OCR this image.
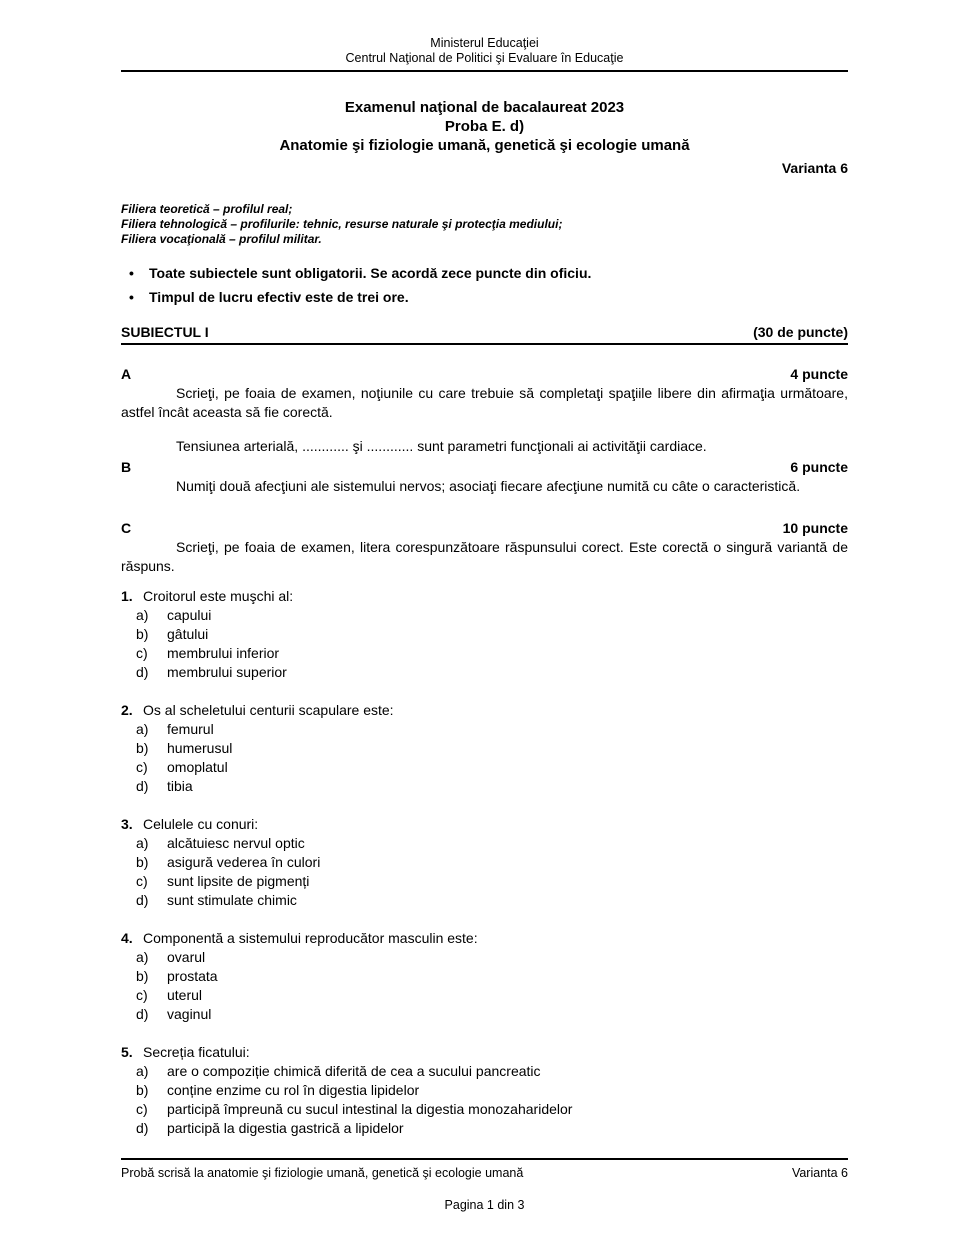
Ministerul Educaţiei
Centrul Naţional de Politici şi Evaluare în Educaţie
Examenul naţional de bacalaureat 2023
Proba E. d)
Anatomie şi fiziologie umană, genetică şi ecologie umană
Varianta 6
Filiera teoretică – profilul real;
Filiera tehnologică – profilurile: tehnic, resurse naturale şi protecţia mediului;
Filiera vocaţională – profilul militar.
•	Toate subiectele sunt obligatorii. Se acordă zece puncte din oficiu.
•	Timpul de lucru efectiv este de trei ore.
SUBIECTUL I	(30 de puncte)
A	4 puncte
Scrieţi, pe foaia de examen, noţiunile cu care trebuie să completaţi spaţiile libere din afirmaţia următoare, astfel încât aceasta să fie corectă.
Tensiunea arterială, ............ şi ............ sunt parametri funcţionali ai activităţii cardiace.
B	6 puncte
Numiţi două afecţiuni ale sistemului nervos; asociaţi fiecare afecţiune numită cu câte o caracteristică.
C	10 puncte
Scrieţi, pe foaia de examen, litera corespunzătoare răspunsului corect. Este corectă o singură variantă de răspuns.
1. Croitorul este muşchi al:
a)	capului
b)	gâtului
c)	membrului inferior
d)	membrului superior
2. Os al scheletului centurii scapulare este:
a)	femurul
b)	humerusul
c)	omoplatul
d)	tibia
3. Celulele cu conuri:
a)	alcătuiesc nervul optic
b)	asigură vederea în culori
c)	sunt lipsite de pigmenți
d)	sunt stimulate chimic
4. Componentă a sistemului reproducător masculin este:
a)	ovarul
b)	prostata
c)	uterul
d)	vaginul
5. Secreția ficatului:
a)	are o compoziție chimică diferită de cea a sucului pancreatic
b)	conține enzime cu rol în digestia lipidelor
c)	participă împreună cu sucul intestinal la digestia monozaharidelor
d)	participă la digestia gastrică a lipidelor
Probă scrisă la anatomie şi fiziologie umană, genetică şi ecologie umană	Varianta 6
Pagina 1 din 3
